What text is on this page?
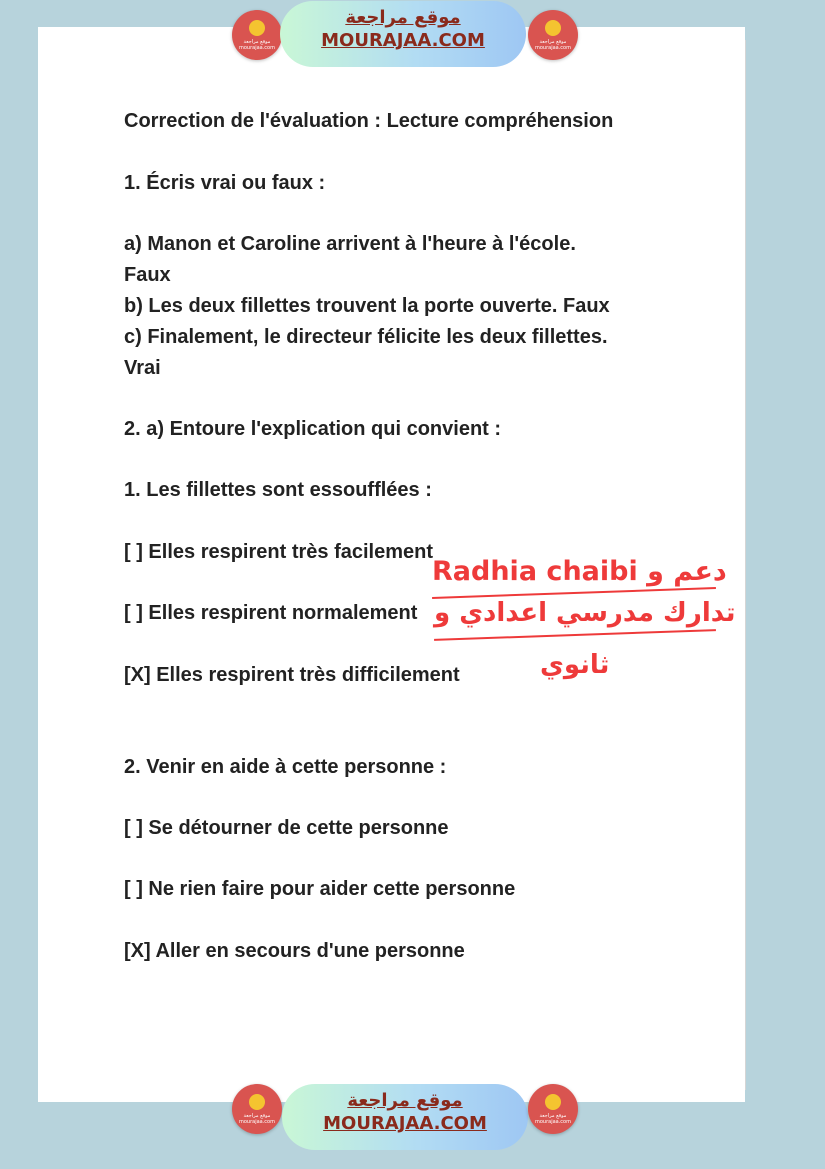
موقع مراجعة
mourajaa.com
موقع مراجعة
MOURAJAA.COM	موقع مراجعة
mourajaa.com

Correction de l'évaluation : Lecture compréhension

1. Écris vrai ou faux :

a) Manon et Caroline arrivent à l'heure à l'école.

Faux

b) Les deux fillettes trouvent la porte ouverte. Faux

c) Finalement, le directeur félicite les deux fillettes.

Vrai

2. a) Entoure l'explication qui convient :

1. Les fillettes sont essoufflées :

[ ] Elles respirent très facilement

[ ] Elles respirent normalement

[X] Elles respirent très difficilement

2. Venir en aide à cette personne :

[ ] Se détourner de cette personne

[ ] Ne rien faire pour aider cette personne

[X] Aller en secours d'une personne

Radhia chaibi دعم و
تدارك مدرسي اعدادي و
ثانوي
موقع مراجعة
mourajaa.com
موقع مراجعة
MOURAJAA.COM	موقع مراجعة
mourajaa.com
